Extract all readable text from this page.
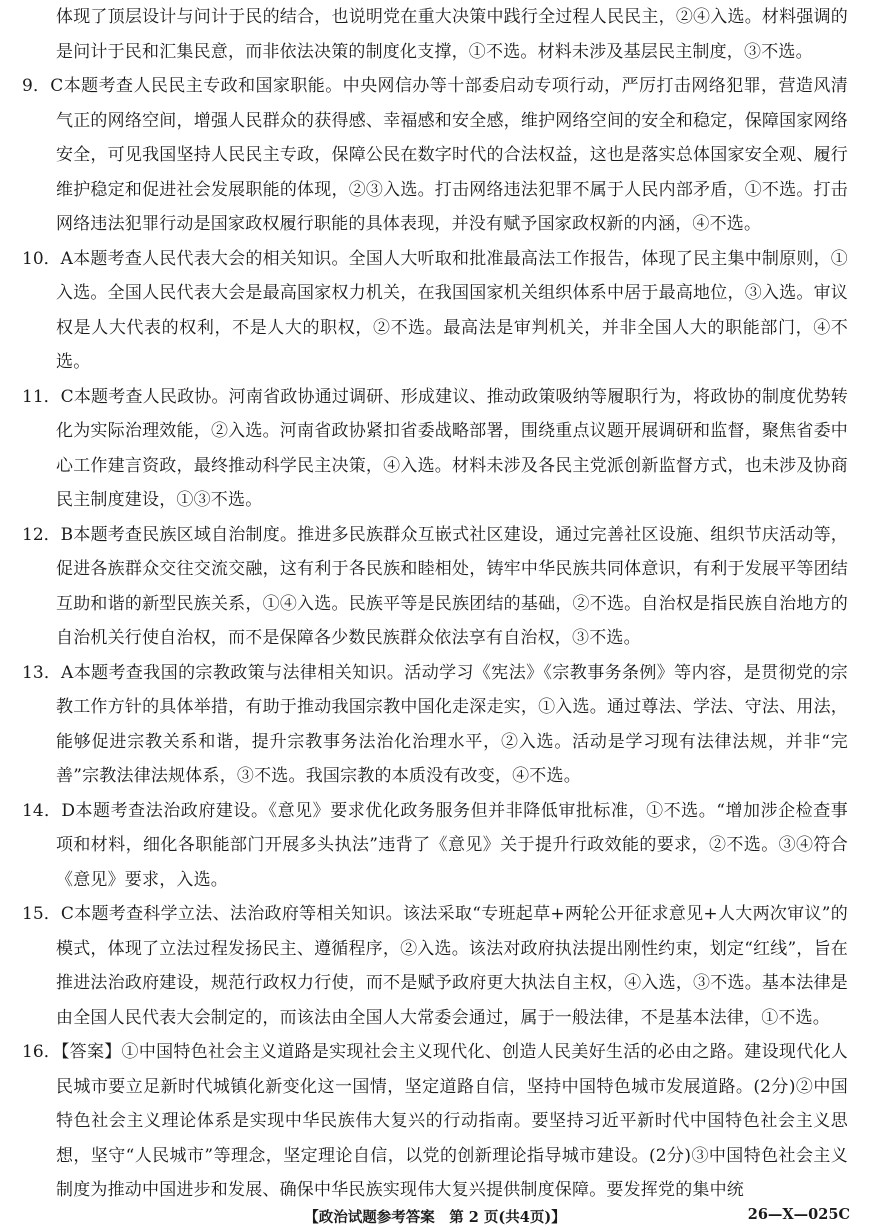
体现了顶层设计与问计于民的结合，也说明党在重大决策中践行全过程人民民主，②④入选。材料强调的是问计于民和汇集民意，而非依法决策的制度化支撑，①不选。材料未涉及基层民主制度，③不选。

9．C本题考查人民民主专政和国家职能。中央网信办等十部委启动专项行动，严厉打击网络犯罪，营造风清气正的网络空间，增强人民群众的获得感、幸福感和安全感，维护网络空间的安全和稳定，保障国家网络安全，可见我国坚持人民民主专政，保障公民在数字时代的合法权益，这也是落实总体国家安全观、履行维护稳定和促进社会发展职能的体现，②③入选。打击网络违法犯罪不属于人民内部矛盾，①不选。打击网络违法犯罪行动是国家政权履行职能的具体表现，并没有赋予国家政权新的内涵，④不选。

10．A本题考查人民代表大会的相关知识。全国人大听取和批准最高法工作报告，体现了民主集中制原则，①入选。全国人民代表大会是最高国家权力机关，在我国国家机关组织体系中居于最高地位，③入选。审议权是人大代表的权利，不是人大的职权，②不选。最高法是审判机关，并非全国人大的职能部门，④不选。

11．C本题考查人民政协。河南省政协通过调研、形成建议、推动政策吸纳等履职行为，将政协的制度优势转化为实际治理效能，②入选。河南省政协紧扣省委战略部署，围绕重点议题开展调研和监督，聚焦省委中心工作建言资政，最终推动科学民主决策，④入选。材料未涉及各民主党派创新监督方式，也未涉及协商民主制度建设，①③不选。

12．B本题考查民族区域自治制度。推进多民族群众互嵌式社区建设，通过完善社区设施、组织节庆活动等，促进各族群众交往交流交融，这有利于各民族和睦相处，铸牢中华民族共同体意识，有利于发展平等团结互助和谐的新型民族关系，①④入选。民族平等是民族团结的基础，②不选。自治权是指民族自治地方的自治机关行使自治权，而不是保障各少数民族群众依法享有自治权，③不选。

13．A本题考查我国的宗教政策与法律相关知识。活动学习《宪法》《宗教事务条例》等内容，是贯彻党的宗教工作方针的具体举措，有助于推动我国宗教中国化走深走实，①入选。通过尊法、学法、守法、用法，能够促进宗教关系和谐，提升宗教事务法治化治理水平，②入选。活动是学习现有法律法规，并非“完善”宗教法律法规体系，③不选。我国宗教的本质没有改变，④不选。

14．D本题考查法治政府建设。《意见》要求优化政务服务但并非降低审批标准，①不选。“增加涉企检查事项和材料，细化各职能部门开展多头执法”违背了《意见》关于提升行政效能的要求，②不选。③④符合《意见》要求，入选。

15．C本题考查科学立法、法治政府等相关知识。该法采取“专班起草+两轮公开征求意见+人大两次审议”的模式，体现了立法过程发扬民主、遵循程序，②入选。该法对政府执法提出刚性约束，划定“红线”，旨在推进法治政府建设，规范行政权力行使，而不是赋予政府更大执法自主权，④入选，③不选。基本法律是由全国人民代表大会制定的，而该法由全国人大常委会通过，属于一般法律，不是基本法律，①不选。

16．【答案】①中国特色社会主义道路是实现社会主义现代化、创造人民美好生活的必由之路。建设现代化人民城市要立足新时代城镇化新变化这一国情，坚定道路自信，坚持中国特色城市发展道路。(2分)②中国特色社会主义理论体系是实现中华民族伟大复兴的行动指南。要坚持习近平新时代中国特色社会主义思想，坚守“人民城市”等理念，坚定理论自信，以党的创新理论指导城市建设。(2分)③中国特色社会主义制度为推动中国进步和发展、确保中华民族实现伟大复兴提供制度保障。要发挥党的集中统

【政治试题参考答案　第 2 页(共4页)】	26—X—025C
